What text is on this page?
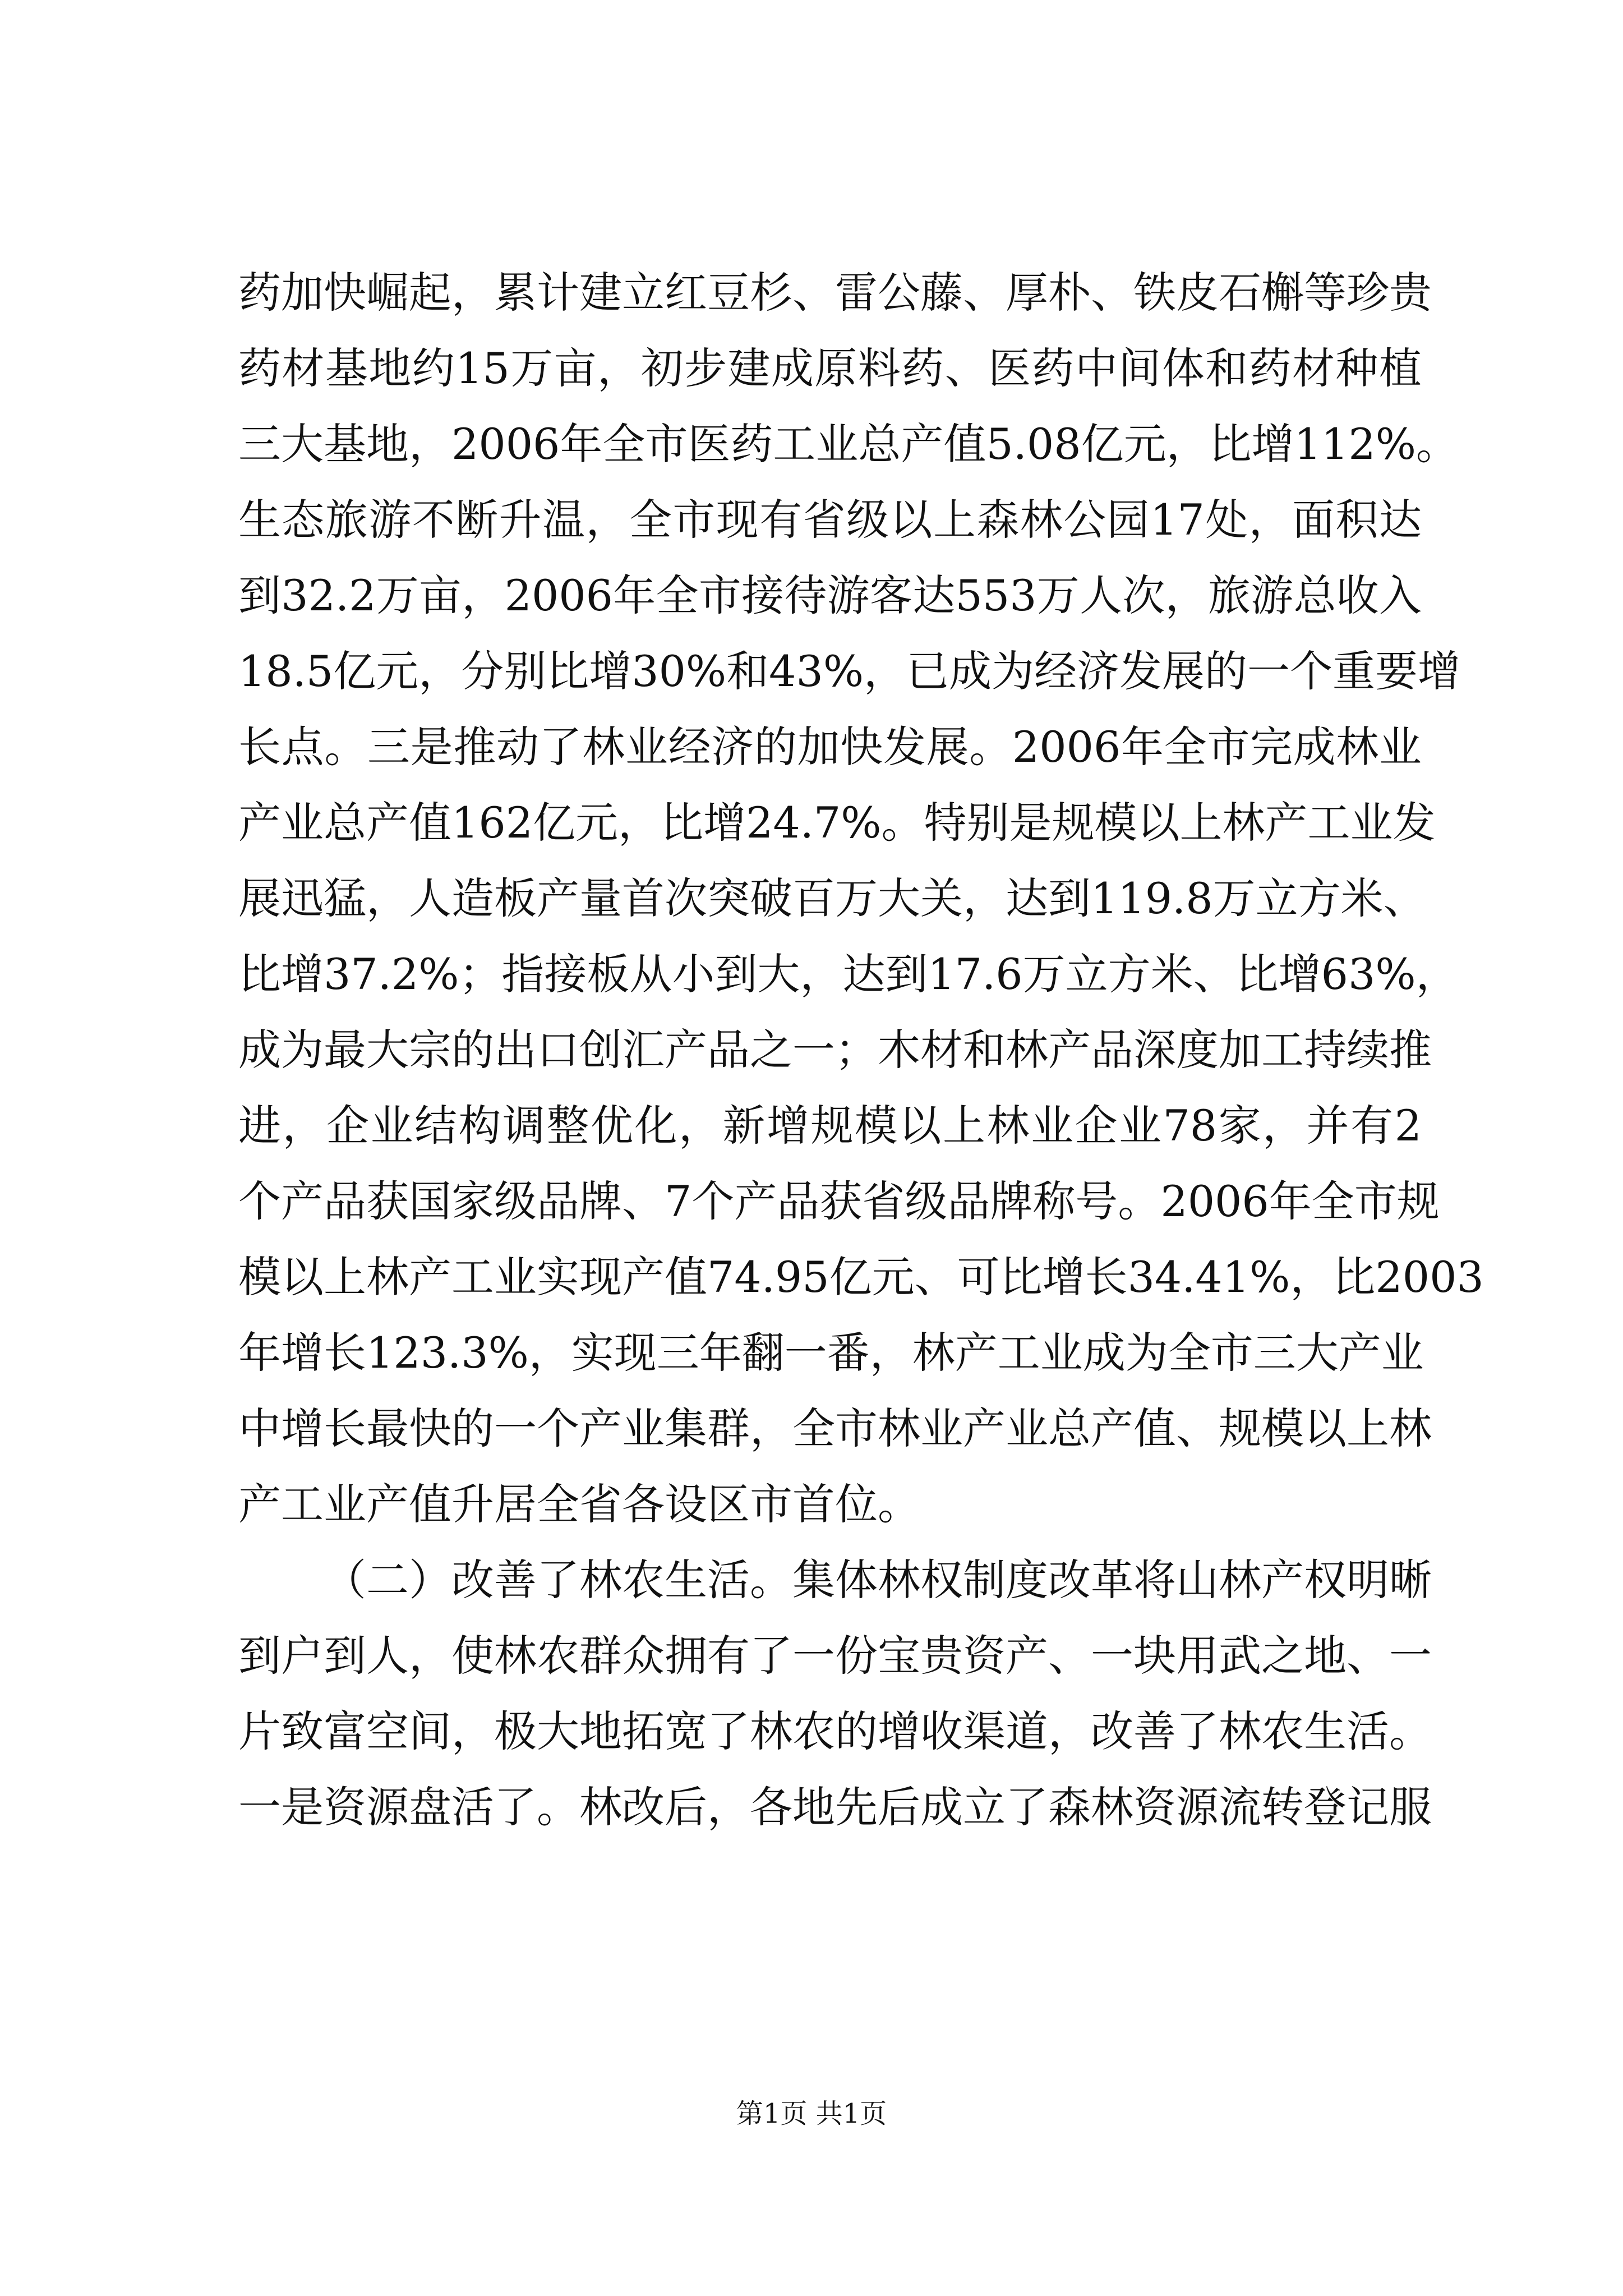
药加快崛起，累计建立红豆杉、雷公藤、厚朴、铁皮石槲等珍贵
药材基地约15万亩，初步建成原料药、医药中间体和药材种植
三大基地，2006年全市医药工业总产值5.08亿元，比增112%。
生态旅游不断升温，全市现有省级以上森林公园17处，面积达
到32.2万亩，2006年全市接待游客达553万人次，旅游总收入
18.5亿元，分别比增30%和43%，已成为经济发展的一个重要增
长点。三是推动了林业经济的加快发展。2006年全市完成林业
产业总产值162亿元，比增24.7%。特别是规模以上林产工业发
展迅猛，人造板产量首次突破百万大关，达到119.8万立方米、
比增37.2%；指接板从小到大，达到17.6万立方米、比增63%，
成为最大宗的出口创汇产品之一；木材和林产品深度加工持续推
进，企业结构调整优化，新增规模以上林业企业78家，并有2
个产品获国家级品牌、7个产品获省级品牌称号。2006年全市规
模以上林产工业实现产值74.95亿元、可比增长34.41%，比2003
年增长123.3%，实现三年翻一番，林产工业成为全市三大产业
中增长最快的一个产业集群，全市林业产业总产值、规模以上林
产工业产值升居全省各设区市首位。
（二）改善了林农生活。集体林权制度改革将山林产权明晰
到户到人，使林农群众拥有了一份宝贵资产、一块用武之地、一
片致富空间，极大地拓宽了林农的增收渠道，改善了林农生活。
一是资源盘活了。林改后，各地先后成立了森林资源流转登记服
第1页 共1页
